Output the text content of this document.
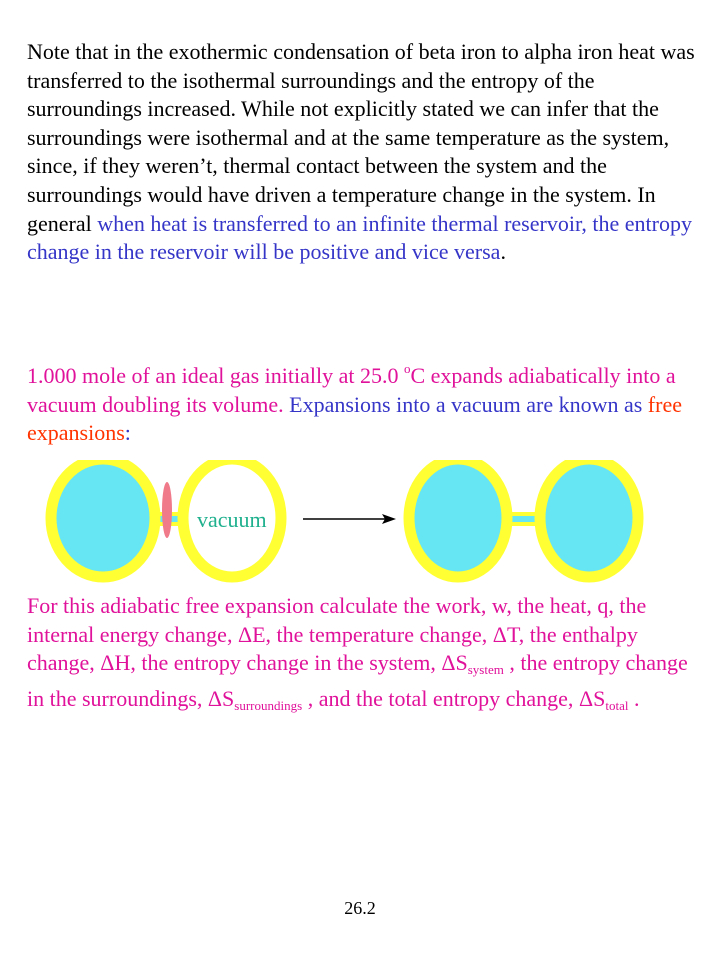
Note that in the exothermic condensation of beta iron to alpha iron heat was transferred to the isothermal surroundings and the entropy of the surroundings increased. While not explicitly stated we can infer that the surroundings were isothermal and at the same temperature as the system, since, if they weren’t, thermal contact between the system and the surroundings would have driven a temperature change in the system. In general when heat is transferred to an infinite thermal reservoir, the entropy change in the reservoir will be positive and vice versa.
1.000 mole of an ideal gas initially at 25.0 $^o$C expands adiabatically into a vacuum doubling its volume. Expansions into a vacuum are known as free expansions:
vacuum
For this adiabatic free expansion calculate the work, w, the heat, q, the internal energy change, ΔE, the temperature change, ΔT, the enthalpy change, ΔH, the entropy change in the system, $\Delta S_{system}$ , the entropy change in the surroundings, $\Delta S_{surroundings}$ , and the total entropy change, $\Delta S_{total}$ .
26.2
